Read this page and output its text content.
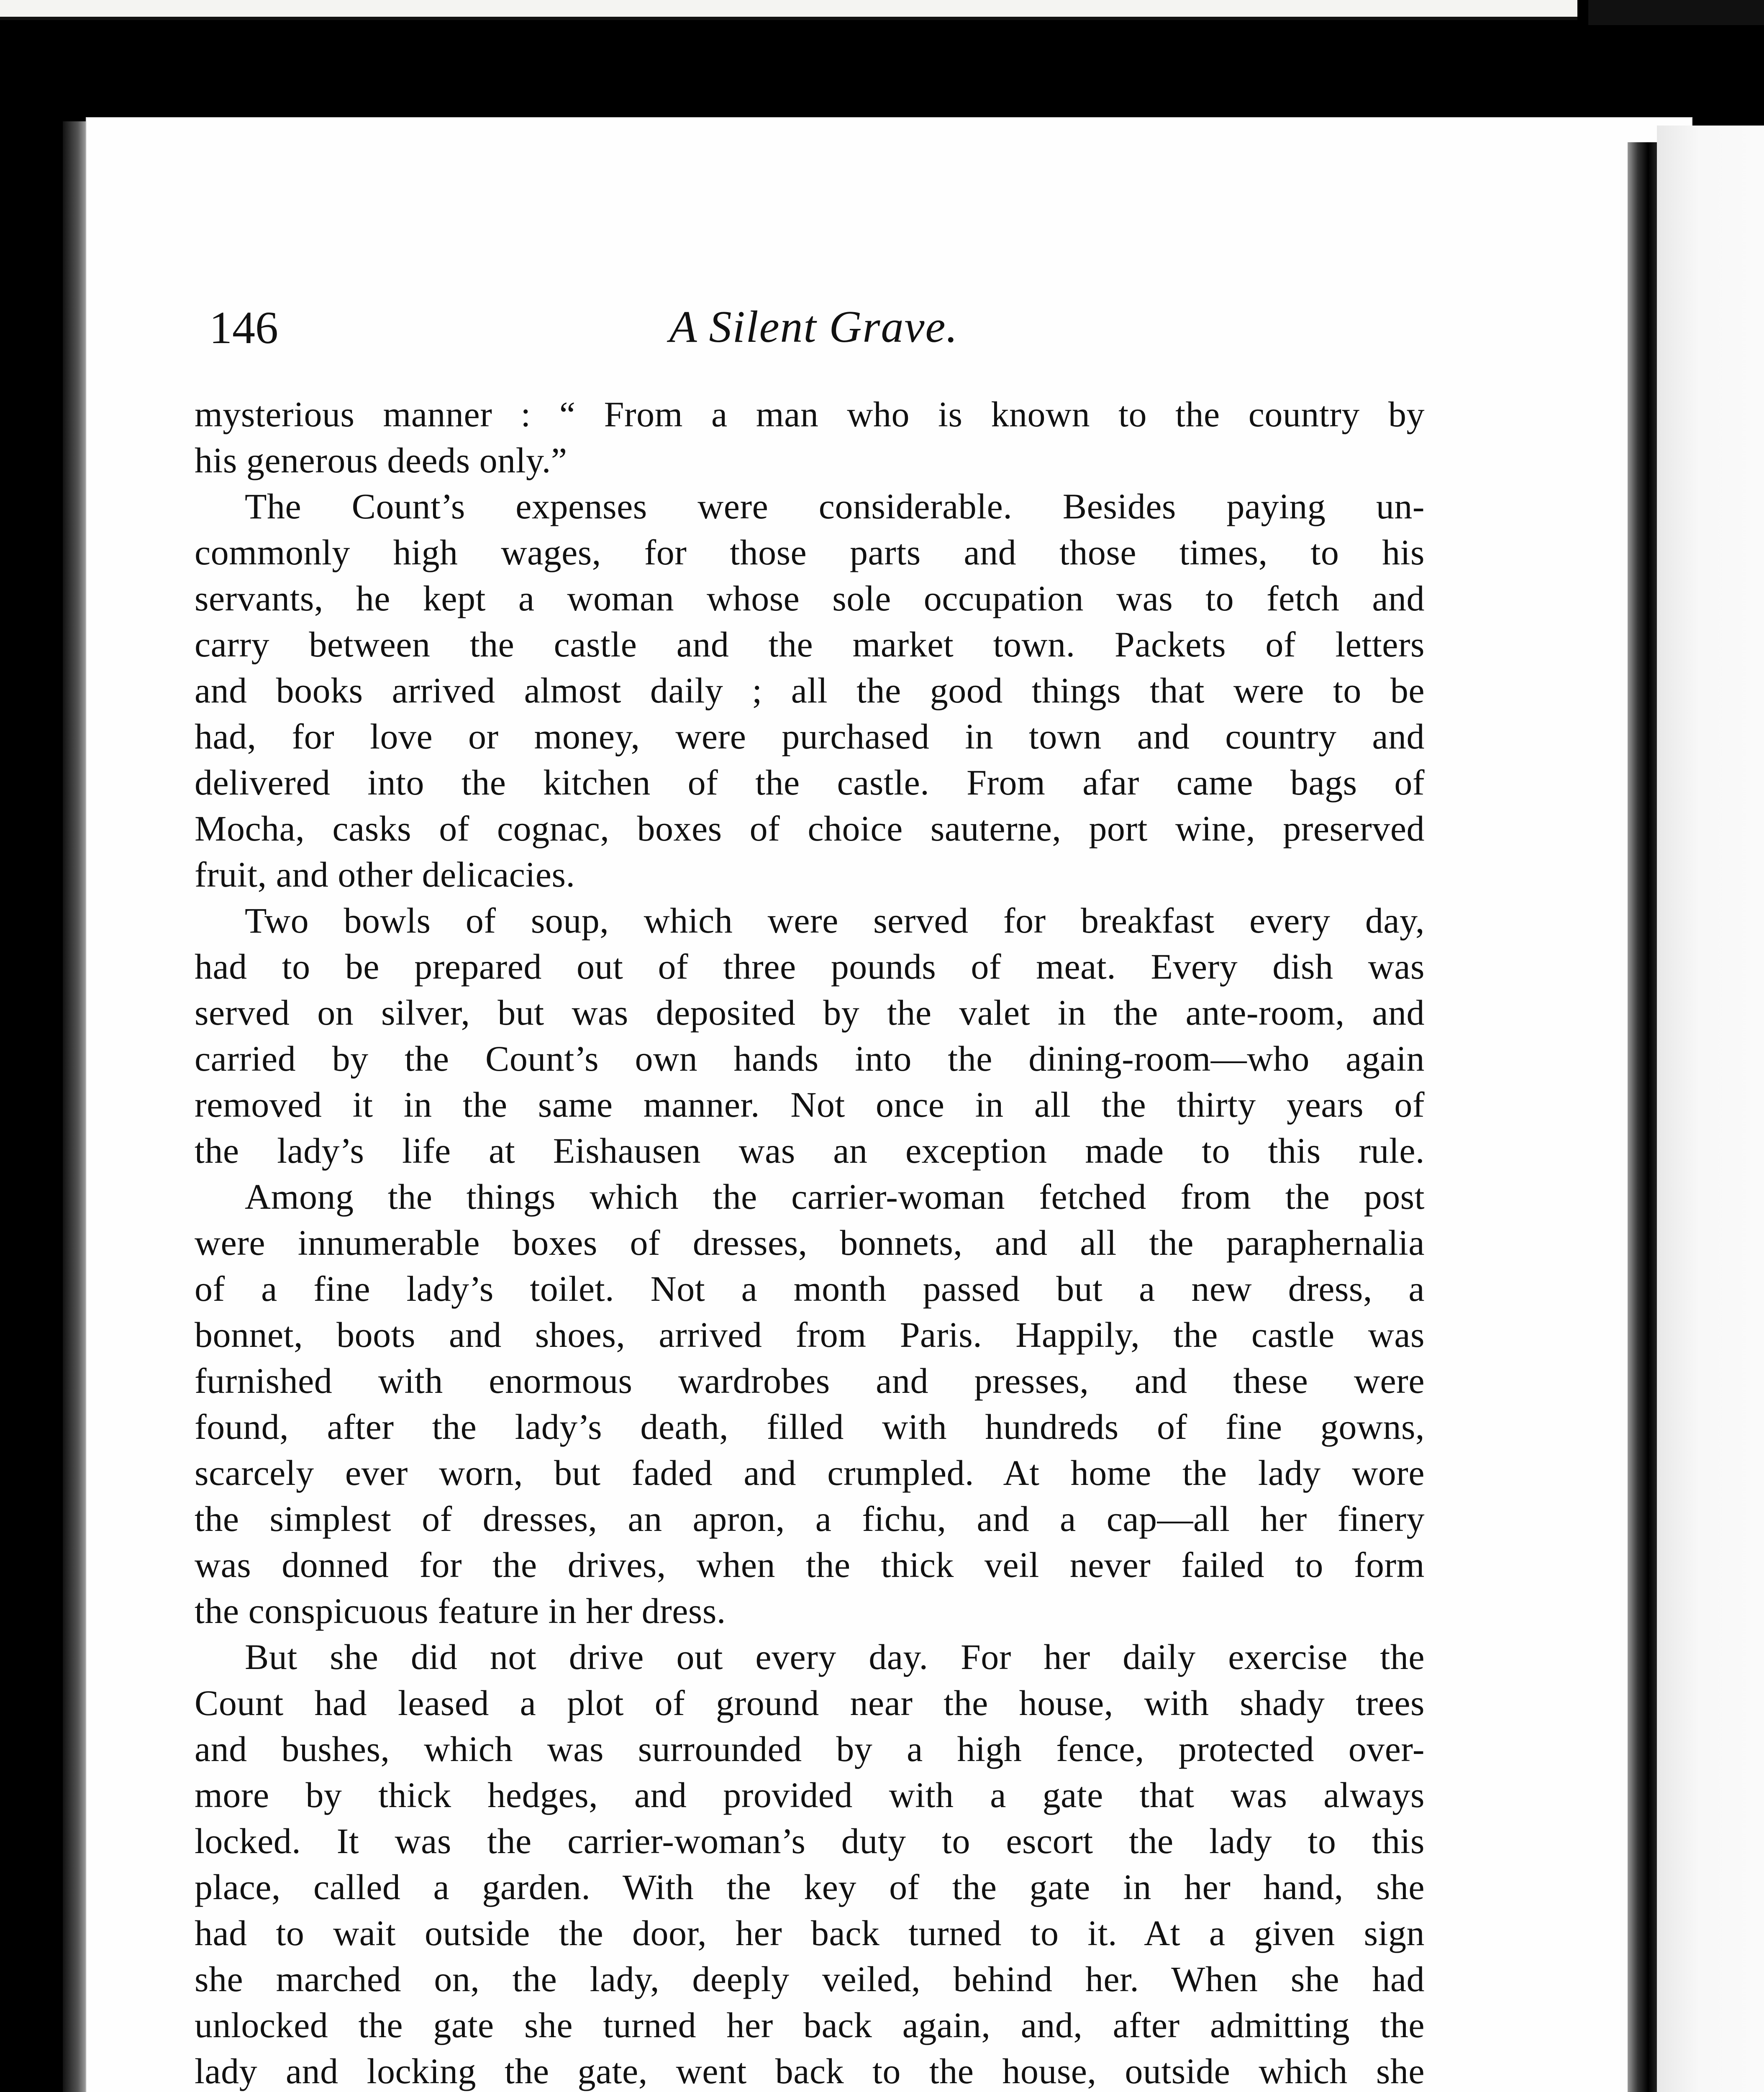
146	A Silent Grave.
mysterious manner : “ From a man who is known to the country by
his generous deeds only.”
The Count’s expenses were considerable. Besides paying un-
commonly high wages, for those parts and those times, to his
servants, he kept a woman whose sole occupation was to fetch and
carry between the castle and the market town. Packets of letters
and books arrived almost daily ; all the good things that were to be
had, for love or money, were purchased in town and country and
delivered into the kitchen of the castle. From afar came bags of
Mocha, casks of cognac, boxes of choice sauterne, port wine, preserved
fruit, and other delicacies.
Two bowls of soup, which were served for breakfast every day,
had to be prepared out of three pounds of meat. Every dish was
served on silver, but was deposited by the valet in the ante-room, and
carried by the Count’s own hands into the dining-room—who again
removed it in the same manner. Not once in all the thirty years of
the lady’s life at Eishausen was an exception made to this rule.
Among the things which the carrier-woman fetched from the post
were innumerable boxes of dresses, bonnets, and all the paraphernalia
of a fine lady’s toilet. Not a month passed but a new dress, a
bonnet, boots and shoes, arrived from Paris. Happily, the castle was
furnished with enormous wardrobes and presses, and these were
found, after the lady’s death, filled with hundreds of fine gowns,
scarcely ever worn, but faded and crumpled. At home the lady wore
the simplest of dresses, an apron, a fichu, and a cap—all her finery
was donned for the drives, when the thick veil never failed to form
the conspicuous feature in her dress.
But she did not drive out every day. For her daily exercise the
Count had leased a plot of ground near the house, with shady trees
and bushes, which was surrounded by a high fence, protected over-
more by thick hedges, and provided with a gate that was always
locked. It was the carrier-woman’s duty to escort the lady to this
place, called a garden. With the key of the gate in her hand, she
had to wait outside the door, her back turned to it. At a given sign
she marched on, the lady, deeply veiled, behind her. When she had
unlocked the gate she turned her back again, and, after admitting the
lady and locking the gate, went back to the house, outside which she
